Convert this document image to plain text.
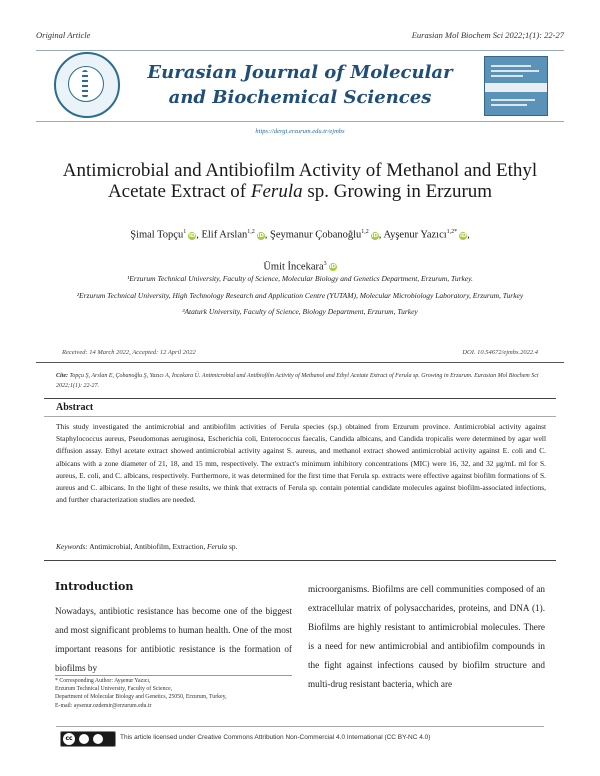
Original Article	Eurasian Mol Biochem Sci 2022;1(1): 22-27
Eurasian Journal of Molecular
and Biochemical Sciences
https://dergi.erzurum.edu.tr/ejmbs
Antimicrobial and Antibiofilm Activity of Methanol and Ethyl Acetate Extract of Ferula sp. Growing in Erzurum
Şimal Topçu$^1$iD, Elif Arslan$^{1,2}$iD, Şeymanur Çobanoğlu$^{1,2}$iD, Ayşenur Yazıcı$^{1,2*}$iD,
Ümit İncekara$^3$iD
¹Erzurum Technical University, Faculty of Science, Molecular Biology and Genetics Department, Erzurum, Turkey.
²Erzurum Technical University, High Technology Research and Application Centre (YUTAM), Molecular Microbiology Laboratory, Erzurum, Turkey
³Ataturk University, Faculty of Science, Biology Department, Erzurum, Turkey
Received: 14 March 2022, Accepted: 12 April 2022	DOI. 10.54672/ejmbs.2022.4
Cite: Topçu Ş, Arslan E, Çobanoğlu Ş, Yazıcı A, İncekara Ü. Antimicrobial and Antibiofilm Activity of Methanol and Ethyl Acetate Extract of Ferula sp. Growing in Erzurum. Eurasian Mol Biochem Sci 2022;1(1): 22-27.
Abstract
This study investigated the antimicrobial and antibiofilm activities of Ferula species (sp.) obtained from Erzurum province. Antimicrobial activity against Staphylococcus aureus, Pseudomonas aeruginosa, Escherichia coli, Enterococcus faecalis, Candida albicans, and Candida tropicalis were determined by agar well diffusion assay. Ethyl acetate extract showed antimicrobial activity against S. aureus, and methanol extract showed antimicrobial activity against E. coli and C. albicans with a zone diameter of 21, 18, and 15 mm, respectively. The extract's minimum inhibitory concentrations (MIC) were 16, 32, and 32 μg/mL ml for S. aureus, E. coli, and C. albicans, respectively. Furthermore, it was determined for the first time that Ferula sp. extracts were effective against biofilm formations of S. aureus and C. albicans. In the light of these results, we think that extracts of Ferula sp. contain potential candidate molecules against biofilm-associated infections, and further characterization studies are needed.
Keywords: Antimicrobial, Antibiofilm, Extraction, Ferula sp.
Introduction
Nowadays, antibiotic resistance has become one of the biggest and most significant problems to human health. One of the most important reasons for antibiotic resistance is the formation of biofilms by
microorganisms. Biofilms are cell communities composed of an extracellular matrix of polysaccharides, proteins, and DNA (1). Biofilms are highly resistant to antimicrobial molecules. There is a need for new antimicrobial and antibiofilm compounds in the fight against infections caused by biofilm structure and multi-drug resistant bacteria, which are
* Corresponding Author: Ayşenur Yazıcı,
Erzurum Technical University, Faculty of Science,
Department of Molecular Biology and Genetics, 25050, Erzurum, Turkey,
E-mail: aysenur.ozdemir@erzurum.edu.tr
cc	This article licensed under Creative Commons Attribution Non-Commercial 4.0 International (CC BY-NC 4.0)
